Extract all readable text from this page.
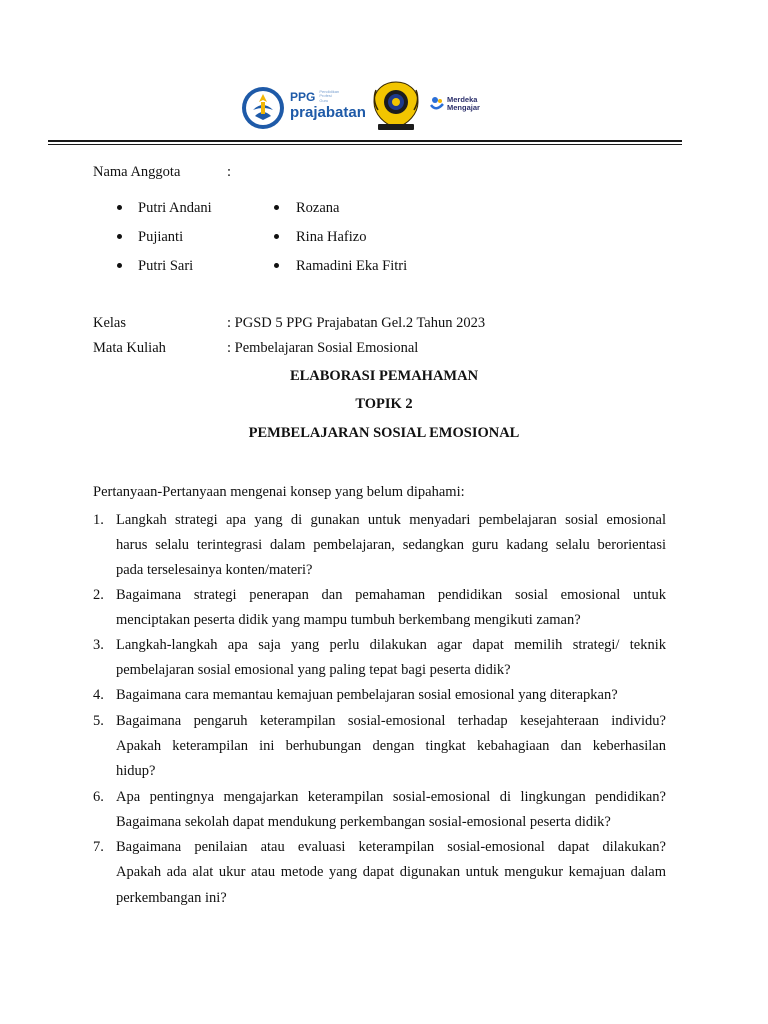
PPG Pendidikan Profesi Guru
prajabatan
Merdeka
Mengajar
Nama Anggota	:
Putri Andani
Pujianti
Putri Sari
Rozana
Rina Hafizo
Ramadini Eka Fitri
Kelas	: PGSD 5 PPG Prajabatan Gel.2 Tahun 2023
Mata Kuliah	: Pembelajaran Sosial Emosional
ELABORASI PEMAHAMAN
TOPIK 2
PEMBELAJARAN SOSIAL EMOSIONAL
Pertanyaan-Pertanyaan mengenai konsep yang belum dipahami:
1. Langkah strategi apa yang di gunakan untuk menyadari pembelajaran sosial emosional
harus selalu terintegrasi dalam pembelajaran, sedangkan guru kadang selalu berorientasi
pada terselesainya konten/materi?
2. Bagaimana strategi penerapan dan pemahaman pendidikan sosial emosional untuk
menciptakan peserta didik yang mampu tumbuh berkembang mengikuti zaman?
3. Langkah-langkah apa saja yang perlu dilakukan agar dapat memilih strategi/ teknik
pembelajaran sosial emosional yang paling tepat bagi peserta didik?
4. Bagaimana cara memantau kemajuan pembelajaran sosial emosional yang diterapkan?
5. Bagaimana pengaruh keterampilan sosial-emosional terhadap kesejahteraan individu?
Apakah keterampilan ini berhubungan dengan tingkat kebahagiaan dan keberhasilan
hidup?
6. Apa pentingnya mengajarkan keterampilan sosial-emosional di lingkungan pendidikan?
Bagaimana sekolah dapat mendukung perkembangan sosial-emosional peserta didik?
7. Bagaimana penilaian atau evaluasi keterampilan sosial-emosional dapat dilakukan?
Apakah ada alat ukur atau metode yang dapat digunakan untuk mengukur kemajuan dalam
perkembangan ini?
